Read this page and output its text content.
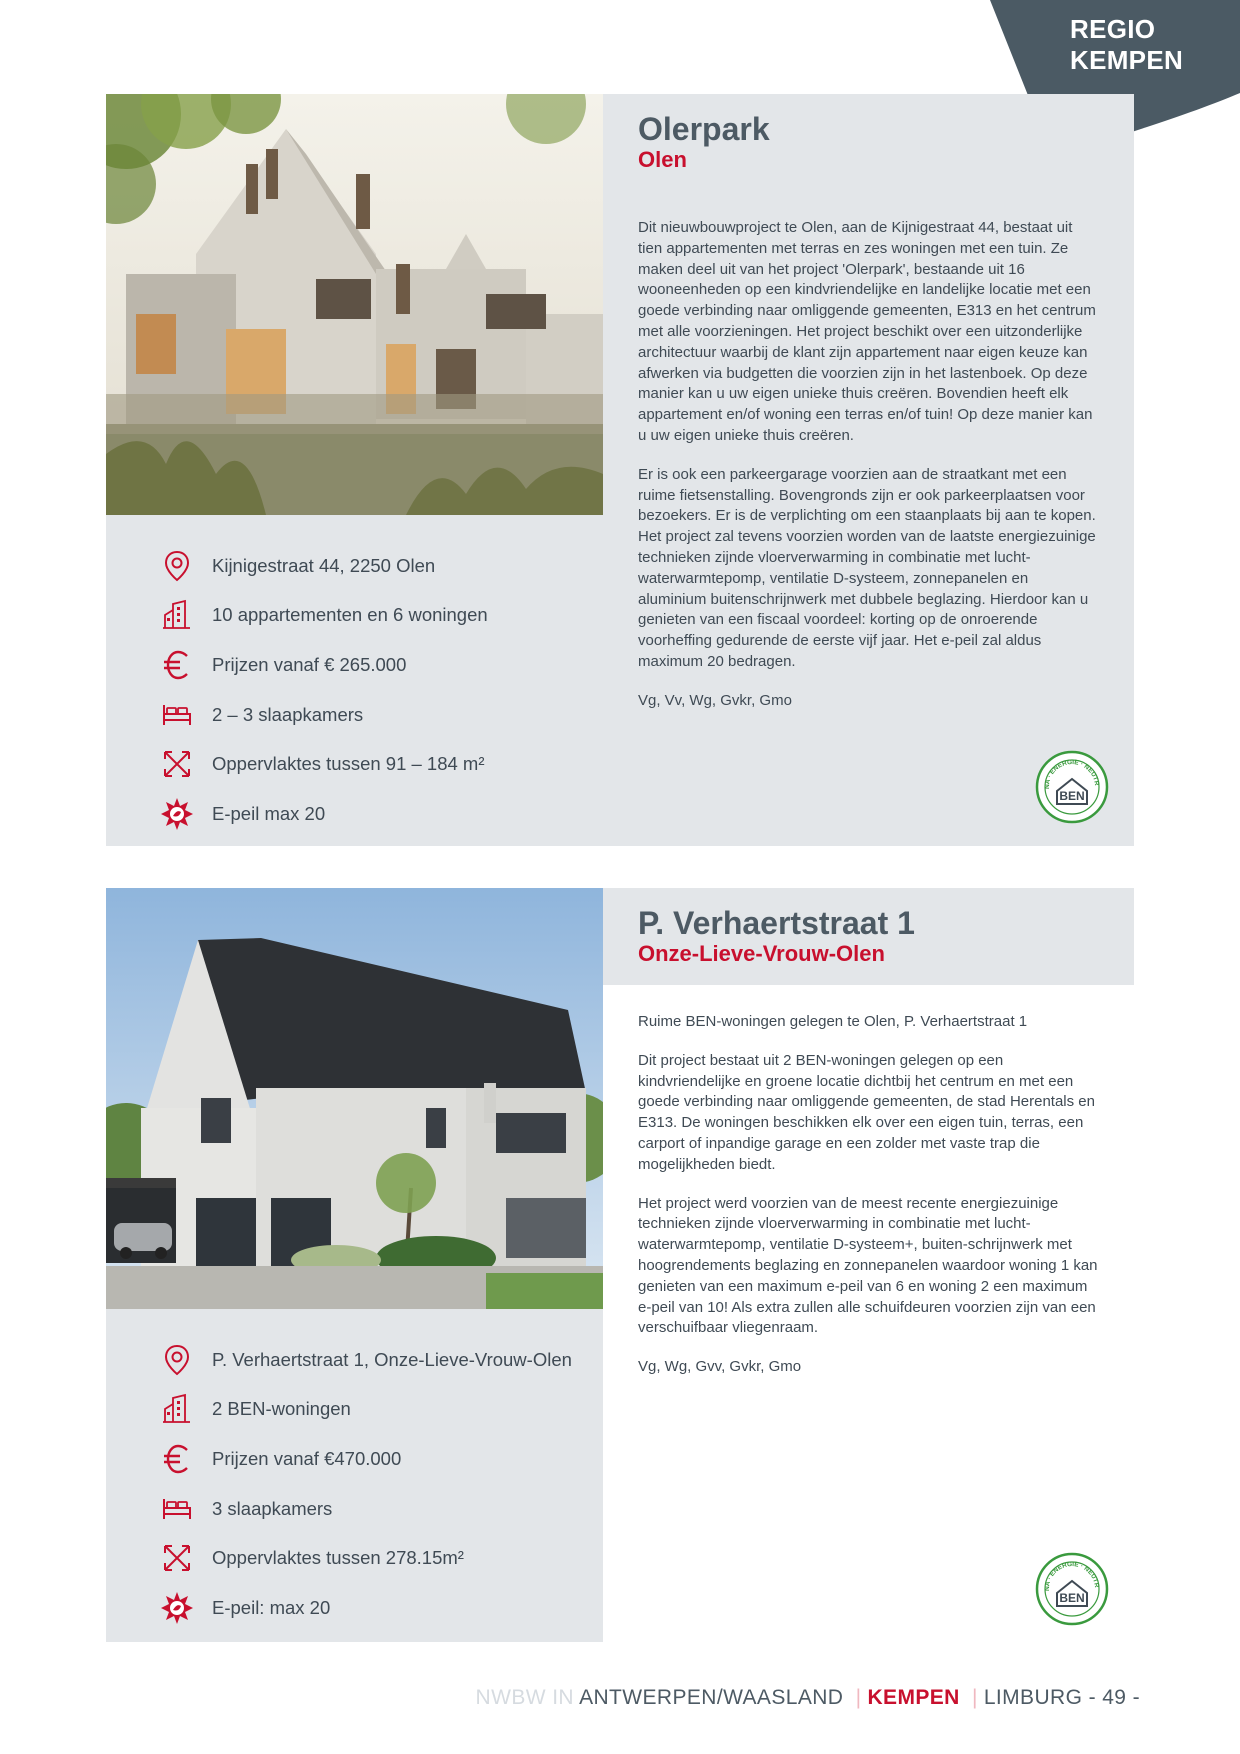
REGIO
KEMPEN
Kijnigestraat 44, 2250 Olen
10 appartementen en 6 woningen
Prijzen vanaf € 265.000
2 – 3 slaapkamers
Oppervlaktes tussen 91 – 184 m²
E-peil max 20
Olerpark
Olen

Dit nieuwbouwproject te Olen, aan de Kijnigestraat 44, bestaat uit tien appartementen met terras en zes woningen met een tuin. Ze maken deel uit van het project 'Olerpark', bestaande uit 16 wooneenheden op een kindvriendelijke en landelijke locatie met een goede verbinding naar omliggende gemeenten, E313 en het centrum met alle voorzieningen. Het project beschikt over een uitzonderlijke architectuur waarbij de klant zijn appartement naar eigen keuze kan afwerken via budgetten die voorzien zijn in het lastenboek. Op deze manier kan u uw eigen unieke thuis creëren. Bovendien heeft elk appartement en/of woning een terras en/of tuin! Op deze manier kan u uw eigen unieke thuis creëren.

Er is ook een parkeergarage voorzien aan de straatkant met een ruime fietsenstalling. Bovengronds zijn er ook parkeerplaatsen voor bezoekers. Er is de verplichting om een staanplaats bij aan te kopen. Het project zal tevens voorzien worden van de laatste energiezuinige technieken zijnde vloerverwarming in combinatie met lucht-waterwarmtepomp, ventilatie D-systeem, zonnepanelen en aluminium buitenschrijnwerk met dubbele beglazing. Hierdoor kan u genieten van een fiscaal voordeel: korting op de onroerende voorheffing gedurende de eerste vijf jaar. Het e-peil zal aldus maximum 20 bedragen.

Vg, Vv, Wg, Gvkr, Gmo

NA · ENERGIE · NEUTR
BEN
P. Verhaertstraat 1, Onze-Lieve-Vrouw-Olen
2 BEN-woningen
Prijzen vanaf €470.000
3 slaapkamers
Oppervlaktes tussen 278.15m²
E-peil: max 20
P. Verhaertstraat 1
Onze-Lieve-Vrouw-Olen

Ruime BEN-woningen gelegen te Olen, P. Verhaertstraat 1

Dit project bestaat uit 2 BEN-woningen gelegen op een kindvriendelijke en groene locatie dichtbij het centrum en met een goede verbinding naar omliggende gemeenten, de stad Herentals en E313. De woningen beschikken elk over een eigen tuin, terras, een carport of inpandige garage en een zolder met vaste trap die mogelijkheden biedt.

Het project werd voorzien van de meest recente energiezuinige technieken zijnde vloerverwarming in combinatie met lucht-waterwarmtepomp, ventilatie D-systeem+, buiten-schrijnwerk met hoogrendements beglazing en zonnepanelen waardoor woning 1 kan genieten van een maximum e-peil van 6 en woning 2 een maximum e-peil van 10! Als extra zullen alle schuifdeuren voorzien zijn van een verschuifbaar vliegenraam.

Vg, Wg, Gvv, Gvkr, Gmo

NA · ENERGIE · NEUTR
BEN
NWBW IN ANTWERPEN/WAASLAND | KEMPEN | LIMBURG - 49 -
